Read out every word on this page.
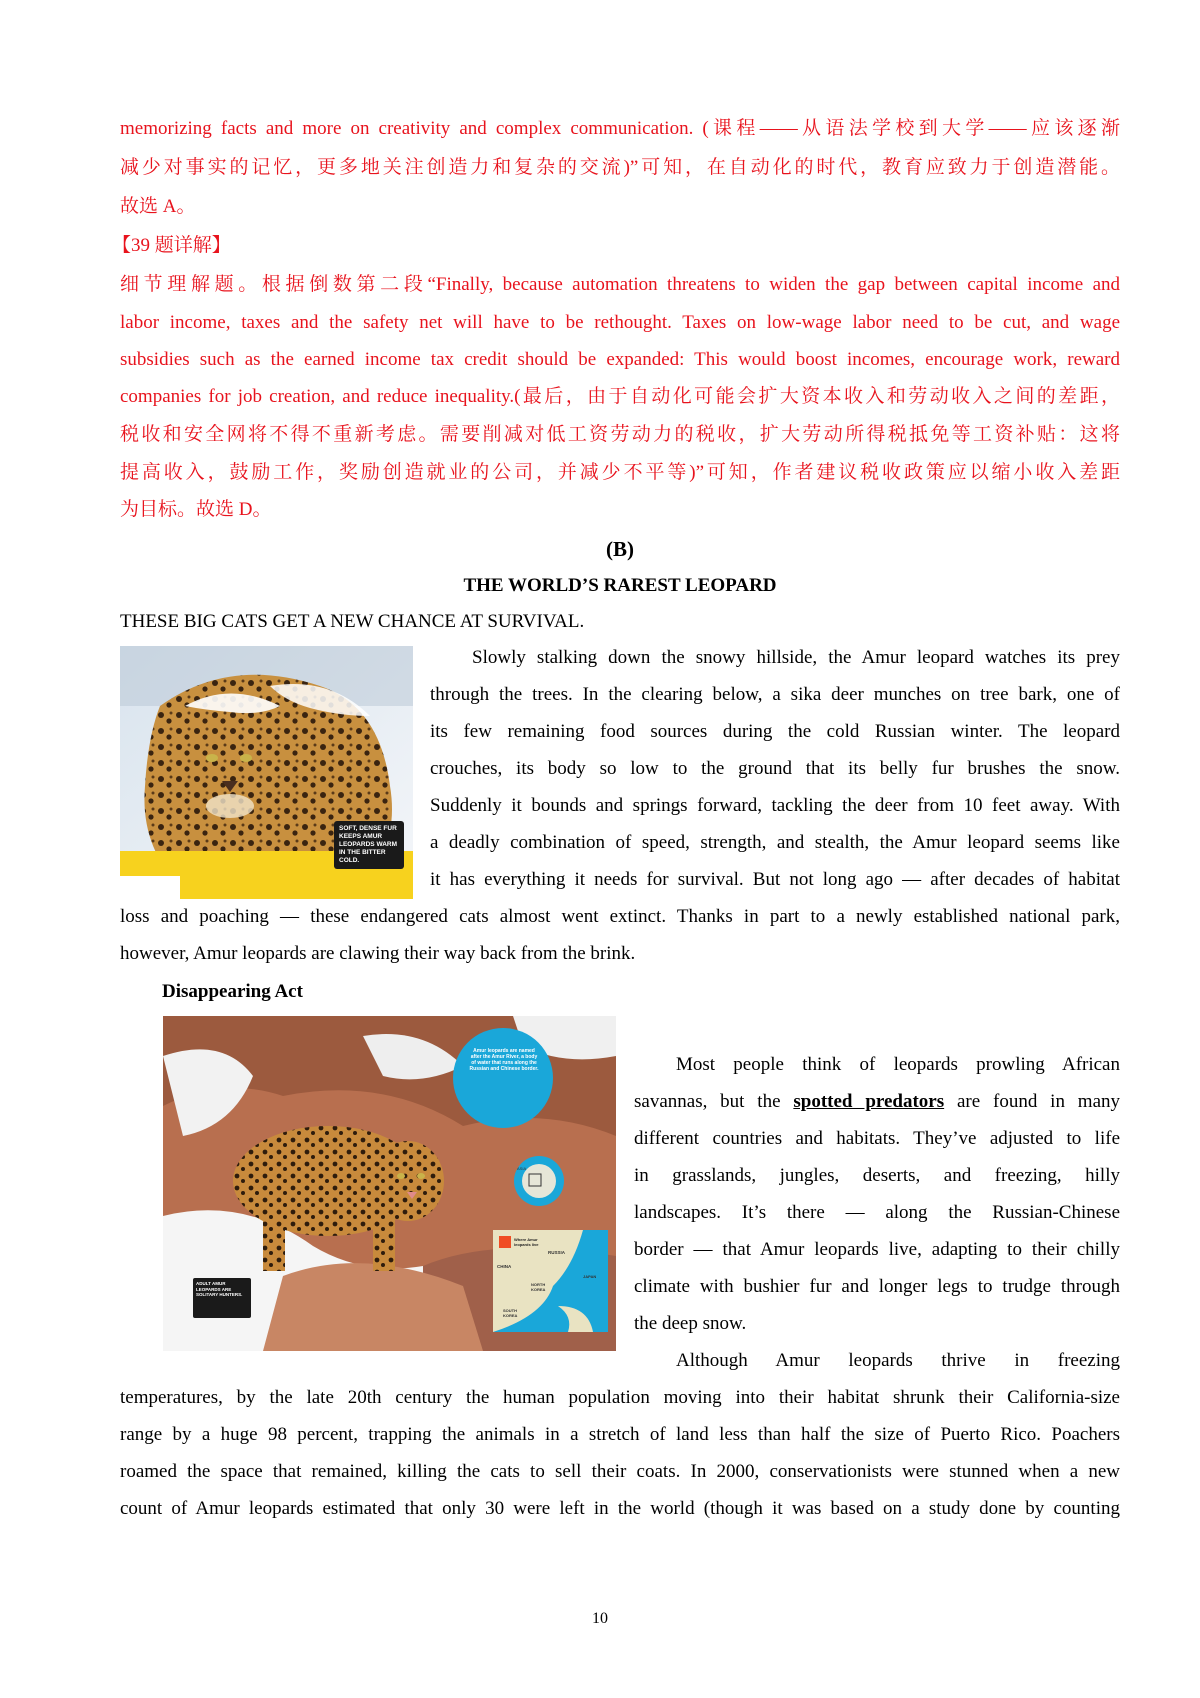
memorizing facts and more on creativity and complex communication. (课程——从语法学校到大学——应该逐渐
减少对事实的记忆，更多地关注创造力和复杂的交流)”可知，在自动化的时代，教育应致力于创造潜能。
故选 A。
【39 题详解】
细节理解题。根据倒数第二段“Finally, because automation threatens to widen the gap between capital income and
labor income, taxes and the safety net will have to be rethought. Taxes on low-wage labor need to be cut, and wage
subsidies such as the earned income tax credit should be expanded: This would boost incomes, encourage work, reward
companies for job creation, and reduce inequality.(最后，由于自动化可能会扩大资本收入和劳动收入之间的差距，
税收和安全网将不得不重新考虑。需要削减对低工资劳动力的税收，扩大劳动所得税抵免等工资补贴：这将
提高收入，鼓励工作，奖励创造就业的公司，并减少不平等)”可知，作者建议税收政策应以缩小收入差距
为目标。故选 D。
(B)
THE WORLD’S RAREST LEOPARD
THESE BIG CATS GET A NEW CHANCE AT SURVIVAL.
SOFT, DENSE FUR KEEPS AMUR LEOPARDS WARM IN THE BITTER COLD.
Slowly stalking down the snowy hillside, the Amur leopard watches its prey
through the trees. In the clearing below, a sika deer munches on tree bark, one of
its few remaining food sources during the cold Russian winter. The leopard
crouches, its body so low to the ground that its belly fur brushes the snow.
Suddenly it bounds and springs forward, tackling the deer from 10 feet away. With
a deadly combination of speed, strength, and stealth, the Amur leopard seems like
it has everything it needs for survival. But not long ago — after decades of habitat
loss and poaching — these endangered cats almost went extinct. Thanks in part to a newly established national park,
however, Amur leopards are clawing their way back from the brink.
Disappearing Act
Amur leopards are named after the Amur River, a body of water that runs along the Russian and Chinese border.
ASIA
Where Amur leopards live
CHINA
RUSSIA
NORTH KOREA
SOUTH KOREA
JAPAN
ADULT AMUR LEOPARDS ARE SOLITARY HUNTERS.
Most people think of leopards prowling African
savannas, but the spotted predators are found in many
different countries and habitats. They’ve adjusted to life
in grasslands, jungles, deserts, and freezing, hilly
landscapes. It’s there — along the Russian-Chinese
border — that Amur leopards live, adapting to their chilly
climate with bushier fur and longer legs to trudge through
the deep snow.
Although Amur leopards thrive in freezing
temperatures, by the late 20th century the human population moving into their habitat shrunk their California-size
range by a huge 98 percent, trapping the animals in a stretch of land less than half the size of Puerto Rico. Poachers
roamed the space that remained, killing the cats to sell their coats. In 2000, conservationists were stunned when a new
count of Amur leopards estimated that only 30 were left in the world (though it was based on a study done by counting
10
